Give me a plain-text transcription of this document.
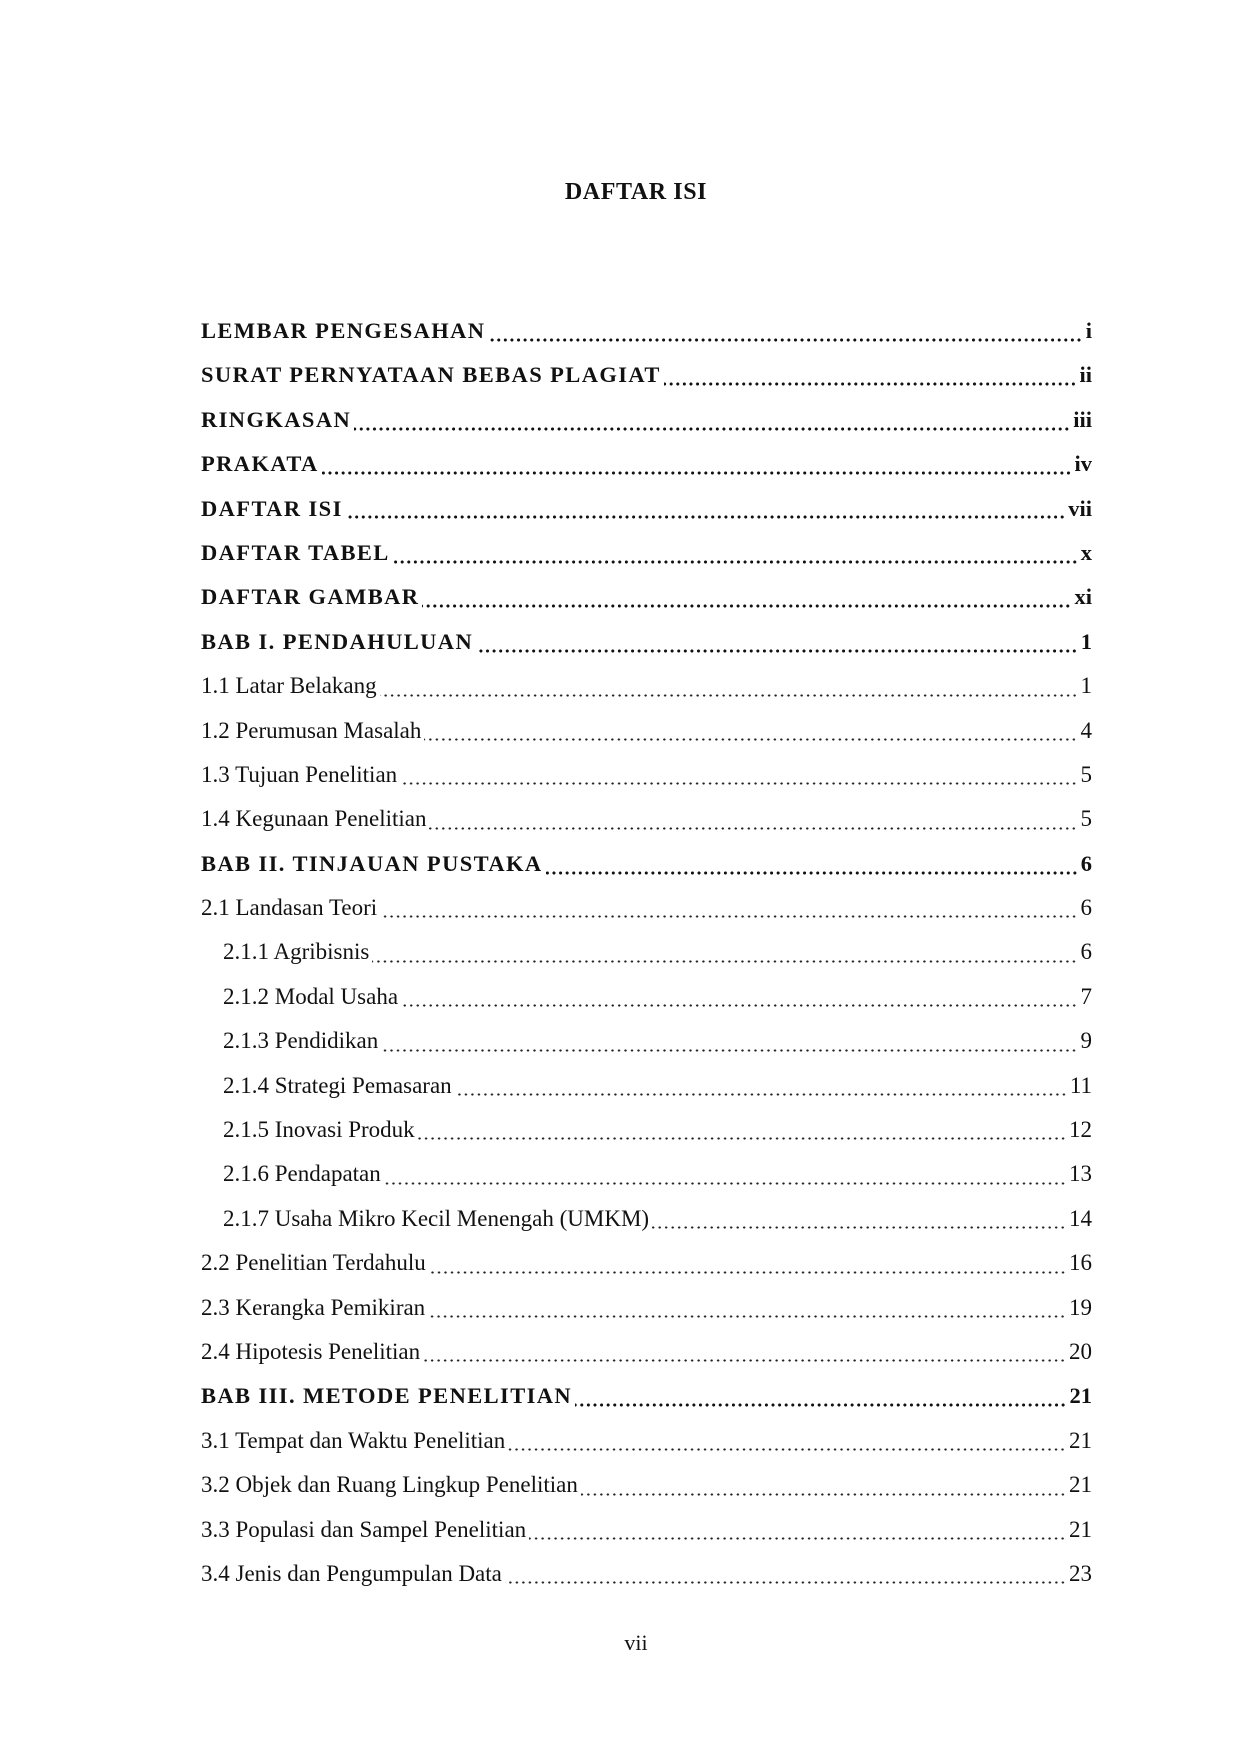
DAFTAR ISI
LEMBAR PENGESAHAN	i
SURAT PERNYATAAN BEBAS PLAGIAT	ii
RINGKASAN	iii
PRAKATA	iv
DAFTAR ISI	vii
DAFTAR TABEL	x
DAFTAR GAMBAR	xi
BAB I. PENDAHULUAN	1
1.1 Latar Belakang	1
1.2 Perumusan Masalah	4
1.3 Tujuan Penelitian	5
1.4 Kegunaan Penelitian	5
BAB II. TINJAUAN PUSTAKA	6
2.1 Landasan Teori	6
2.1.1 Agribisnis	6
2.1.2 Modal Usaha	7
2.1.3 Pendidikan	9
2.1.4 Strategi Pemasaran	11
2.1.5 Inovasi Produk	12
2.1.6 Pendapatan	13
2.1.7 Usaha Mikro Kecil Menengah (UMKM)	14
2.2 Penelitian Terdahulu	16
2.3 Kerangka Pemikiran	19
2.4 Hipotesis Penelitian	20
BAB III. METODE PENELITIAN	21
3.1 Tempat dan Waktu Penelitian	21
3.2 Objek dan Ruang Lingkup Penelitian	21
3.3 Populasi dan Sampel Penelitian	21
3.4 Jenis dan Pengumpulan Data	23
vii
